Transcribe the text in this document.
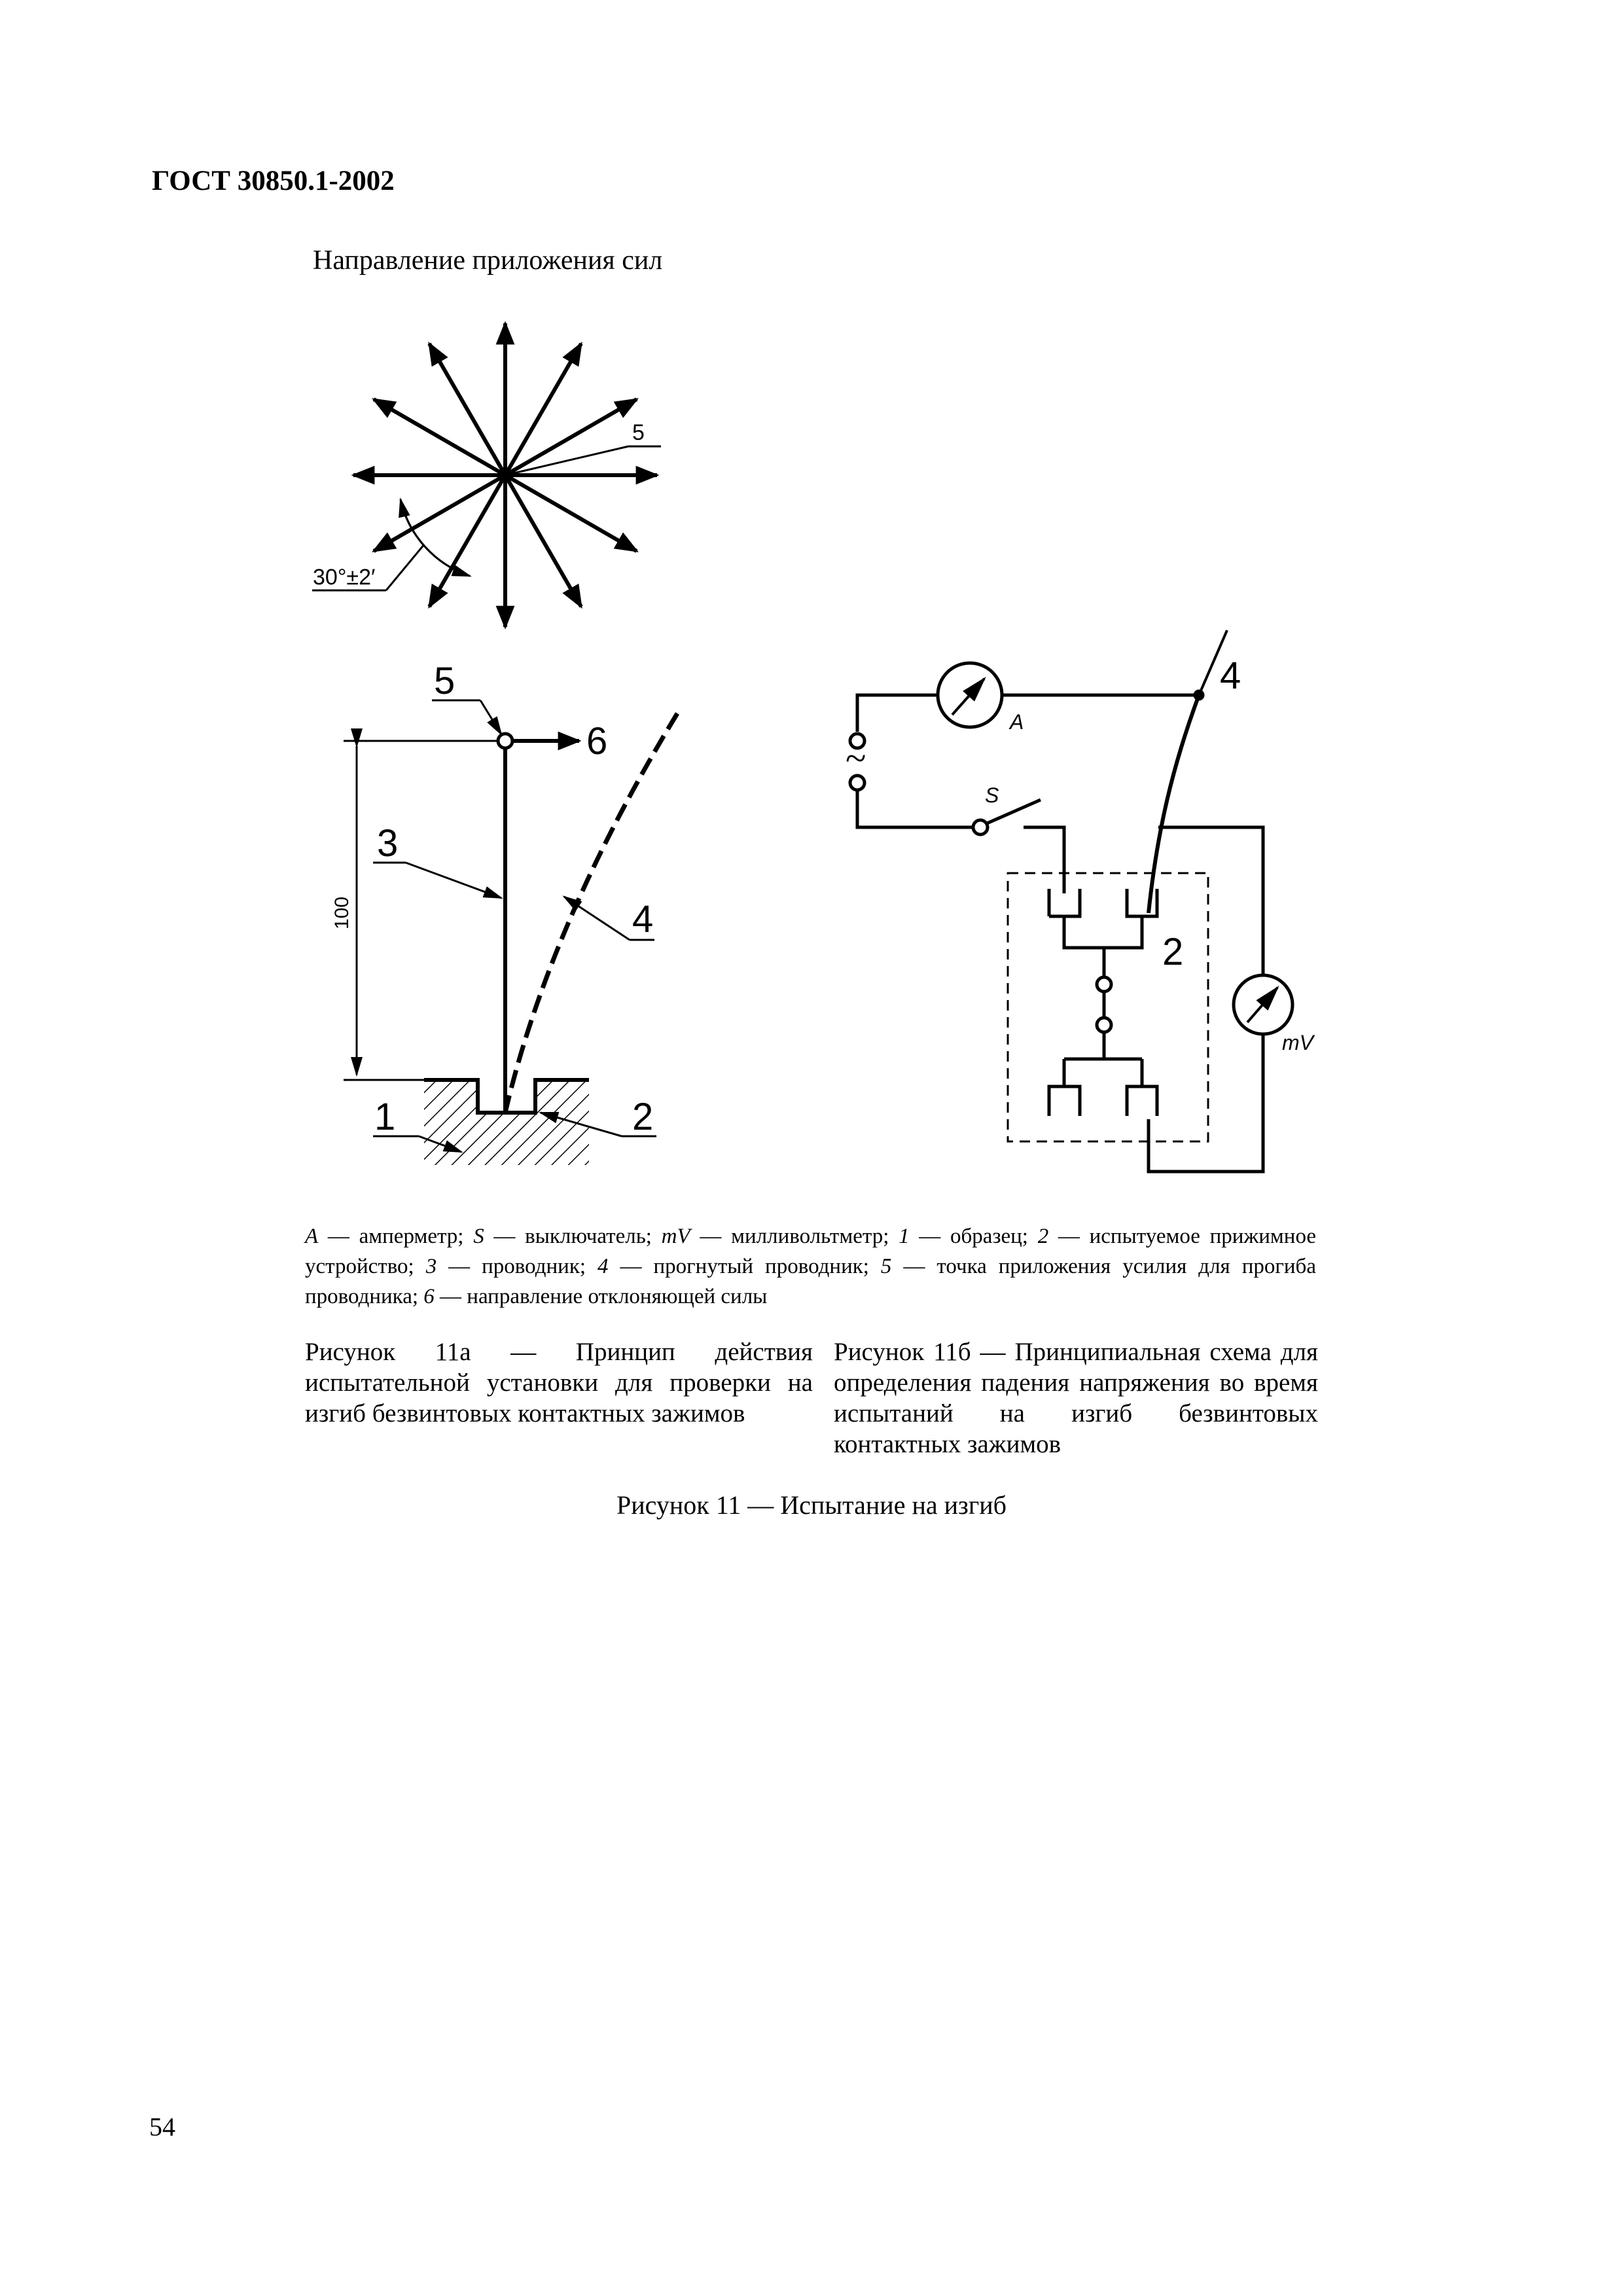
ГОСТ 30850.1-2002
Направление приложения сил
30°±2′
5
5
6
3
4
1	2
100
A
S
mV
~
4
2
A — амперметр; S — выключатель; mV — милливольтметр; 1 — образец; 2 — испытуемое прижимное устройство; 3 — проводник; 4 — прогнутый проводник; 5 — точка приложения усилия для прогиба проводника; 6 — направление отклоняющей силы
Рисунок 11а — Принцип действия испытательной установки для проверки на изгиб безвинтовых контактных зажимов
Рисунок 11б — Принципиальная схема для определения падения напряжения во время испытаний на изгиб безвинтовых контактных зажимов
Рисунок 11 — Испытание на изгиб
54
